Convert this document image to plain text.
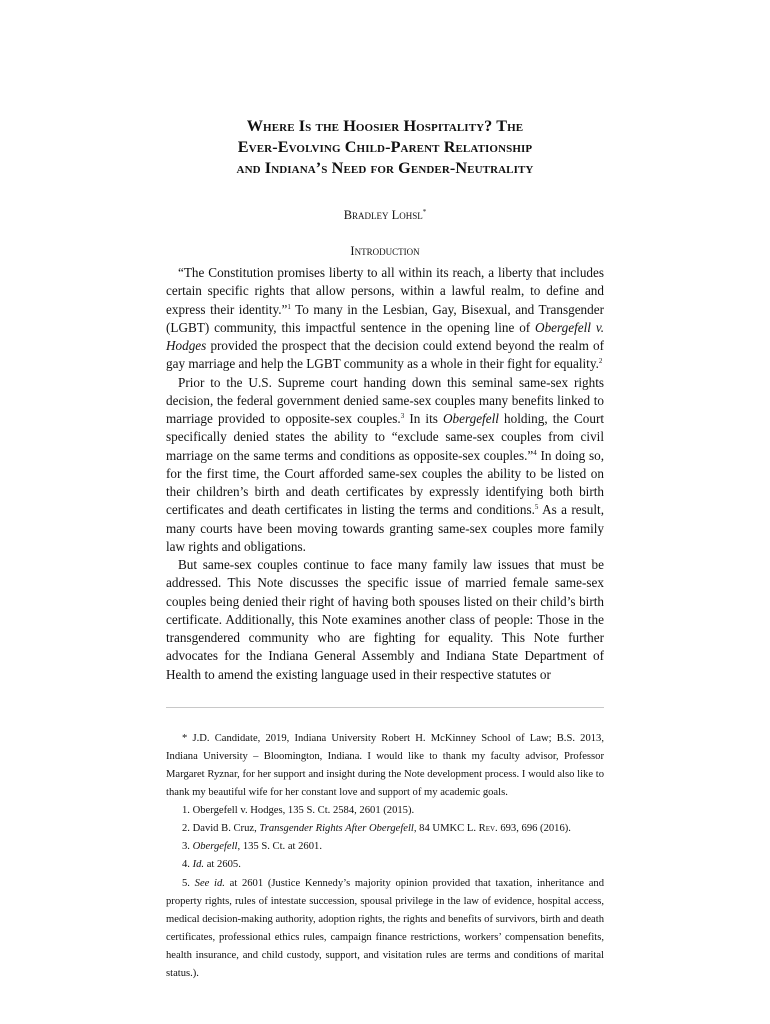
Where Is the Hoosier Hospitality? The
Ever-Evolving Child-Parent Relationship
and Indiana’s Need for Gender-Neutrality
Bradley Lohsl*
Introduction

“The Constitution promises liberty to all within its reach, a liberty that includes certain specific rights that allow persons, within a lawful realm, to define and express their identity.”$^1$ To many in the Lesbian, Gay, Bisexual, and Transgender (LGBT) community, this impactful sentence in the opening line of Obergefell v. Hodges provided the prospect that the decision could extend beyond the realm of gay marriage and help the LGBT community as a whole in their fight for equality.$^2$

Prior to the U.S. Supreme court handing down this seminal same-sex rights decision, the federal government denied same-sex couples many benefits linked to marriage provided to opposite-sex couples.$^3$ In its Obergefell holding, the Court specifically denied states the ability to “exclude same-sex couples from civil marriage on the same terms and conditions as opposite-sex couples.”$^4$ In doing so, for the first time, the Court afforded same-sex couples the ability to be listed on their children’s birth and death certificates by expressly identifying both birth certificates and death certificates in listing the terms and conditions.$^5$ As a result, many courts have been moving towards granting same-sex couples more family law rights and obligations.

But same-sex couples continue to face many family law issues that must be addressed. This Note discusses the specific issue of married female same-sex couples being denied their right of having both spouses listed on their child’s birth certificate. Additionally, this Note examines another class of people: Those in the transgendered community who are fighting for equality. This Note further advocates for the Indiana General Assembly and Indiana State Department of Health to amend the existing language used in their respective statutes or

* J.D. Candidate, 2019, Indiana University Robert H. McKinney School of Law; B.S. 2013, Indiana University – Bloomington, Indiana. I would like to thank my faculty advisor, Professor Margaret Ryznar, for her support and insight during the Note development process. I would also like to thank my beautiful wife for her constant love and support of my academic goals.

1. Obergefell v. Hodges, 135 S. Ct. 2584, 2601 (2015).

2. David B. Cruz, Transgender Rights After Obergefell, 84 UMKC L. Rev. 693, 696 (2016).

3. Obergefell, 135 S. Ct. at 2601.

4. Id. at 2605.

5. See id. at 2601 (Justice Kennedy’s majority opinion provided that taxation, inheritance and property rights, rules of intestate succession, spousal privilege in the law of evidence, hospital access, medical decision-making authority, adoption rights, the rights and benefits of survivors, birth and death certificates, professional ethics rules, campaign finance restrictions, workers’ compensation benefits, health insurance, and child custody, support, and visitation rules are terms and conditions of marital status.).
